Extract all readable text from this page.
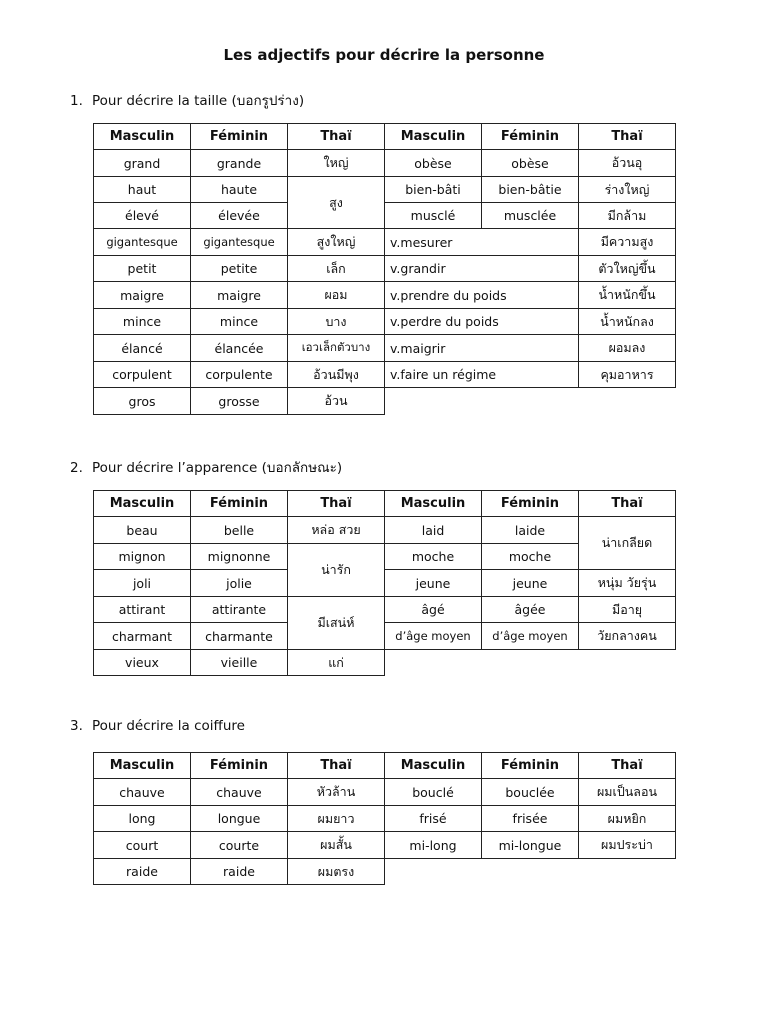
Les adjectifs pour décrire la personne
1. Pour décrire la taille (บอกรูปร่าง)
Masculin	Féminin	Thaï	Masculin	Féminin	Thaï
grand	grande	ใหญ่	obèse	obèse	อ้วนอุ
haut	haute	สูง	bien-bâti	bien-bâtie	ร่างใหญ่
élevé	élevée		musclé	musclée	มีกล้าม
gigantesque	gigantesque	สูงใหญ่	v.mesurer		มีความสูง
petit	petite	เล็ก	v.grandir		ตัวใหญ่ขึ้น
maigre	maigre	ผอม	v.prendre du poids		น้ำหนักขึ้น
mince	mince	บาง	v.perdre du poids		น้ำหนักลง
élancé	élancée	เอวเล็กตัวบาง	v.maigrir		ผอมลง
corpulent	corpulente	อ้วนมีพุง	v.faire un régime		คุมอาหาร
gros	grosse	อ้วน			
2. Pour décrire l’apparence (บอกลักษณะ)
Masculin	Féminin	Thaï	Masculin	Féminin	Thaï
beau	belle	หล่อ สวย	laid	laide	น่าเกลียด
mignon	mignonne	น่ารัก	moche	moche	
joli	jolie		jeune	jeune	หนุ่ม วัยรุ่น
attirant	attirante	มีเสน่ห์	âgé	âgée	มีอายุ
charmant	charmante		d’âge moyen	d’âge moyen	วัยกลางคน
vieux	vieille	แก่			
3. Pour décrire la coiffure
Masculin	Féminin	Thaï	Masculin	Féminin	Thaï
chauve	chauve	หัวล้าน	bouclé	bouclée	ผมเป็นลอน
long	longue	ผมยาว	frisé	frisée	ผมหยิก
court	courte	ผมสั้น	mi-long	mi-longue	ผมประบ่า
raide	raide	ผมตรง			
